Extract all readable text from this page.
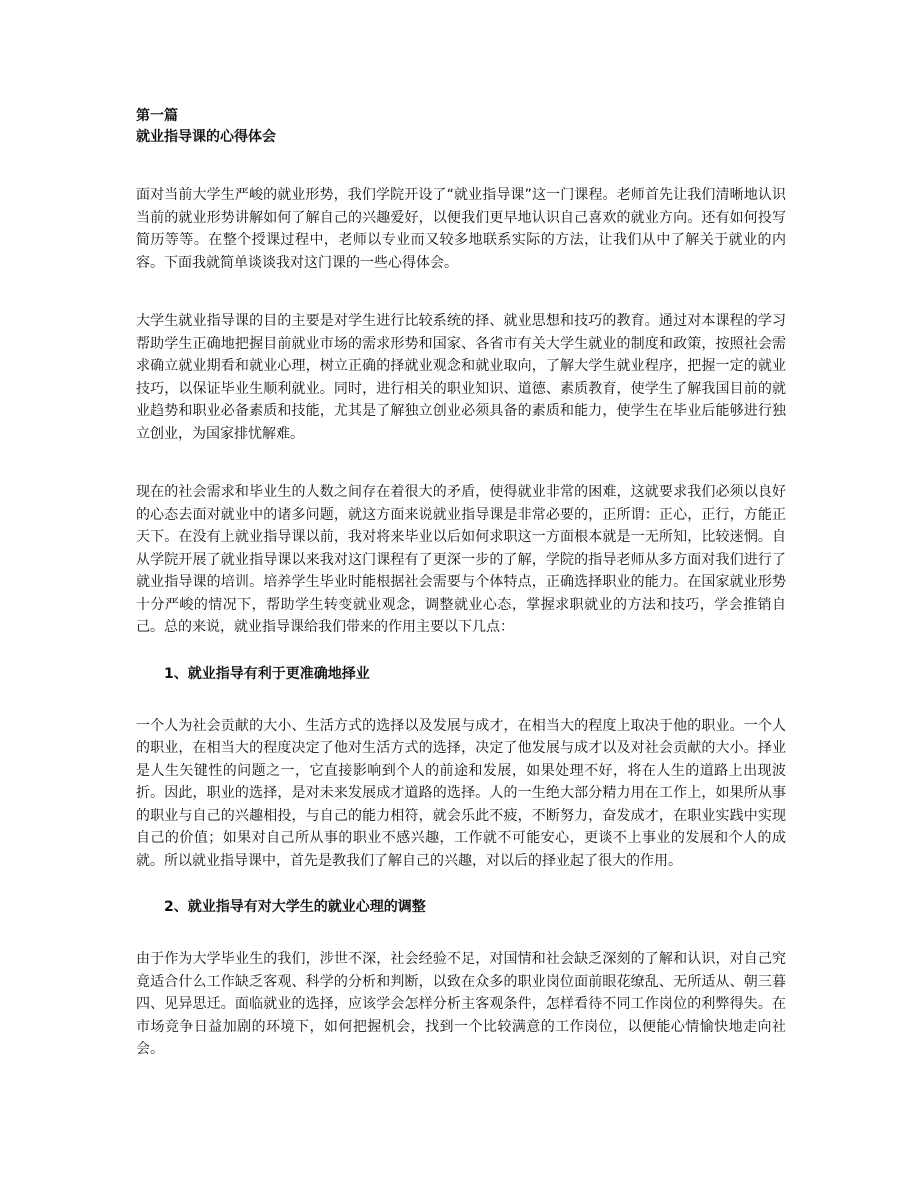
第一篇

就业指导课的心得体会

面对当前大学生严峻的就业形势，我们学院开设了“就业指导课”这一门课程。老师首先让我们清晰地认识当前的就业形势讲解如何了解自己的兴趣爱好，以便我们更早地认识自己喜欢的就业方向。还有如何投写简历等等。在整个授课过程中，老师以专业而又较多地联系实际的方法，让我们从中了解关于就业的内容。下面我就简单谈谈我对这门课的一些心得体会。

大学生就业指导课的目的主要是对学生进行比较系统的择、就业思想和技巧的教育。通过对本课程的学习帮助学生正确地把握目前就业市场的需求形势和国家、各省市有关大学生就业的制度和政策，按照社会需求确立就业期看和就业心理，树立正确的择就业观念和就业取向，了解大学生就业程序，把握一定的就业技巧，以保证毕业生顺利就业。同时，进行相关的职业知识、道德、素质教育，使学生了解我国目前的就业趋势和职业必备素质和技能，尤其是了解独立创业必须具备的素质和能力，使学生在毕业后能够进行独立创业，为国家排忧解难。

现在的社会需求和毕业生的人数之间存在着很大的矛盾，使得就业非常的困难，这就要求我们必须以良好的心态去面对就业中的诸多问题，就这方面来说就业指导课是非常必要的，正所谓：正心，正行，方能正天下。在没有上就业指导课以前，我对将来毕业以后如何求职这一方面根本就是一无所知，比较迷惘。自从学院开展了就业指导课以来我对这门课程有了更深一步的了解，学院的指导老师从多方面对我们进行了就业指导课的培训。培养学生毕业时能根据社会需要与个体特点，正确选择职业的能力。在国家就业形势十分严峻的情况下，帮助学生转变就业观念，调整就业心态，掌握求职就业的方法和技巧，学会推销自己。总的来说，就业指导课给我们带来的作用主要以下几点：

1、就业指导有利于更准确地择业

一个人为社会贡献的大小、生活方式的选择以及发展与成才，在相当大的程度上取决于他的职业。一个人的职业，在相当大的程度决定了他对生活方式的选择，决定了他发展与成才以及对社会贡献的大小。择业是人生矢键性的问题之一，它直接影响到个人的前途和发展，如果处理不好，将在人生的道路上出现波折。因此，职业的选择，是对未来发展成才道路的选择。人的一生绝大部分精力用在工作上，如果所从事的职业与自己的兴趣相投，与自己的能力相符，就会乐此不疲，不断努力，奋发成才，在职业实践中实现自己的价值；如果对自己所从事的职业不感兴趣，工作就不可能安心，更谈不上事业的发展和个人的成就。所以就业指导课中，首先是教我们了解自己的兴趣，对以后的择业起了很大的作用。

2、就业指导有对大学生的就业心理的调整

由于作为大学毕业生的我们，涉世不深，社会经验不足，对国情和社会缺乏深刻的了解和认识，对自己究竟适合什么工作缺乏客观、科学的分析和判断，以致在众多的职业岗位面前眼花缭乱、无所适从、朝三暮四、见异思迁。面临就业的选择，应该学会怎样分析主客观条件，怎样看待不同工作岗位的利弊得失。在市场竞争日益加剧的环境下，如何把握机会，找到一个比较满意的工作岗位，以便能心情愉快地走向社会。
